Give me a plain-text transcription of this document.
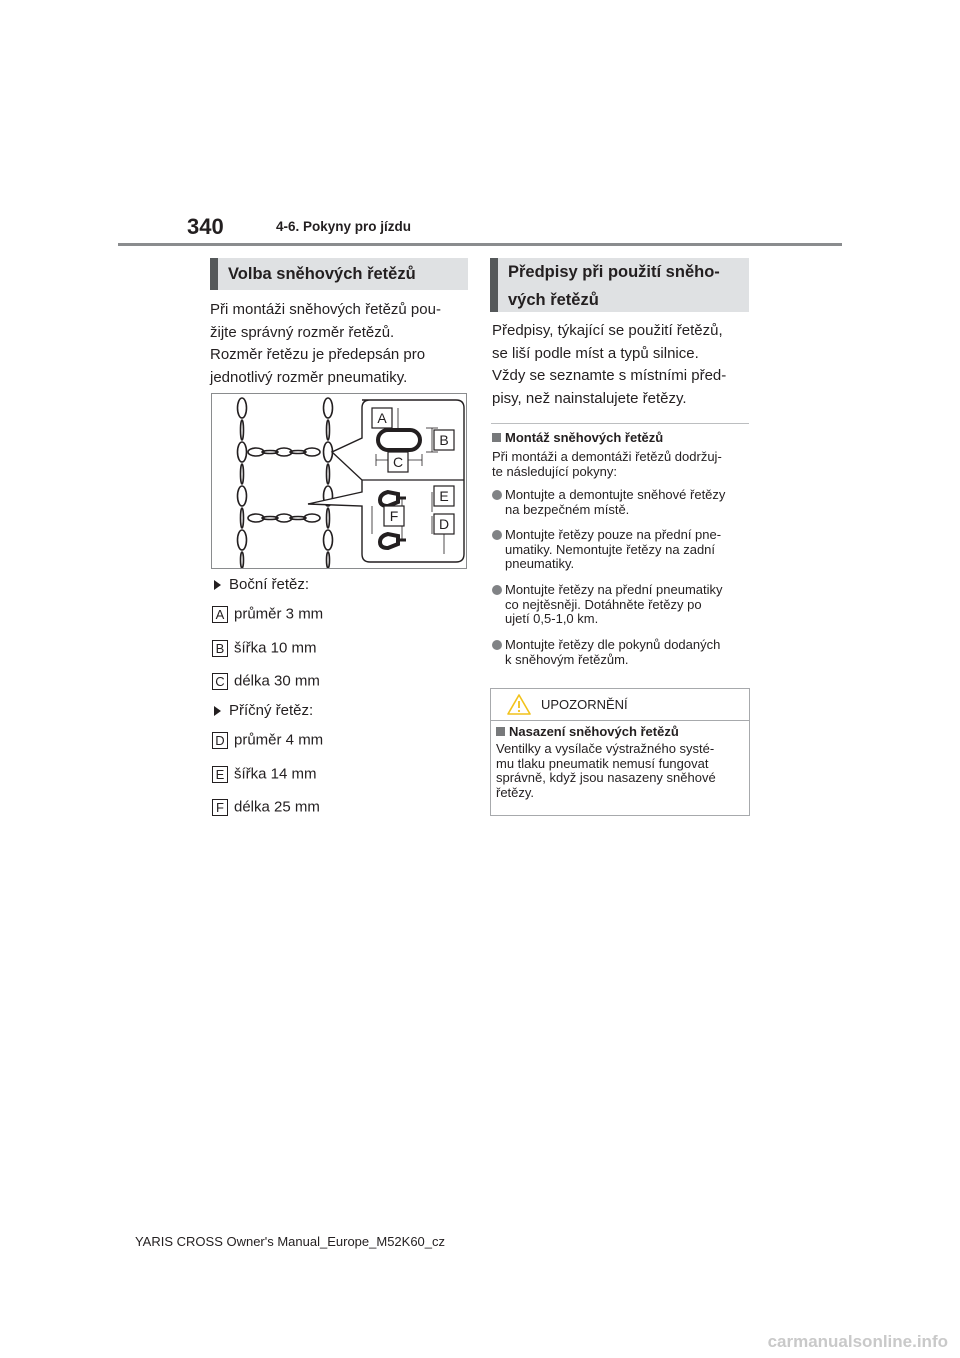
340	4-6. Pokyny pro jízdu
Volba sněhových řetězů
Při montáži sněhových řetězů pou-
žijte správný rozměr řetězů.
Rozměr řetězu je předepsán pro
jednotlivý rozměr pneumatiky.
A
B
C
E
F	D
Boční řetěz:
A průměr 3 mm
B šířka 10 mm
C délka 30 mm
Příčný řetěz:
D průměr 4 mm
E šířka 14 mm
F délka 25 mm
Předpisy při použití sněho-
vých řetězů
Předpisy, týkající se použití řetězů,
se liší podle míst a typů silnice.
Vždy se seznamte s místními před-
pisy, než nainstalujete řetězy.
Montáž sněhových řetězů
Při montáži a demontáži řetězů dodržuj-
te následující pokyny:
Montujte a demontujte sněhové řetězy
na bezpečném místě.
Montujte řetězy pouze na přední pne-
umatiky. Nemontujte řetězy na zadní
pneumatiky.
Montujte řetězy na přední pneumatiky
co nejtěsněji. Dotáhněte řetězy po
ujetí 0,5-1,0 km.
Montujte řetězy dle pokynů dodaných
k sněhovým řetězům.
UPOZORNĚNÍ
Nasazení sněhových řetězů
Ventilky a vysílače výstražného systé-
mu tlaku pneumatik nemusí fungovat
správně, když jsou nasazeny sněhové
řetězy.
YARIS CROSS Owner's Manual_Europe_M52K60_cz
carmanualsonline.info
